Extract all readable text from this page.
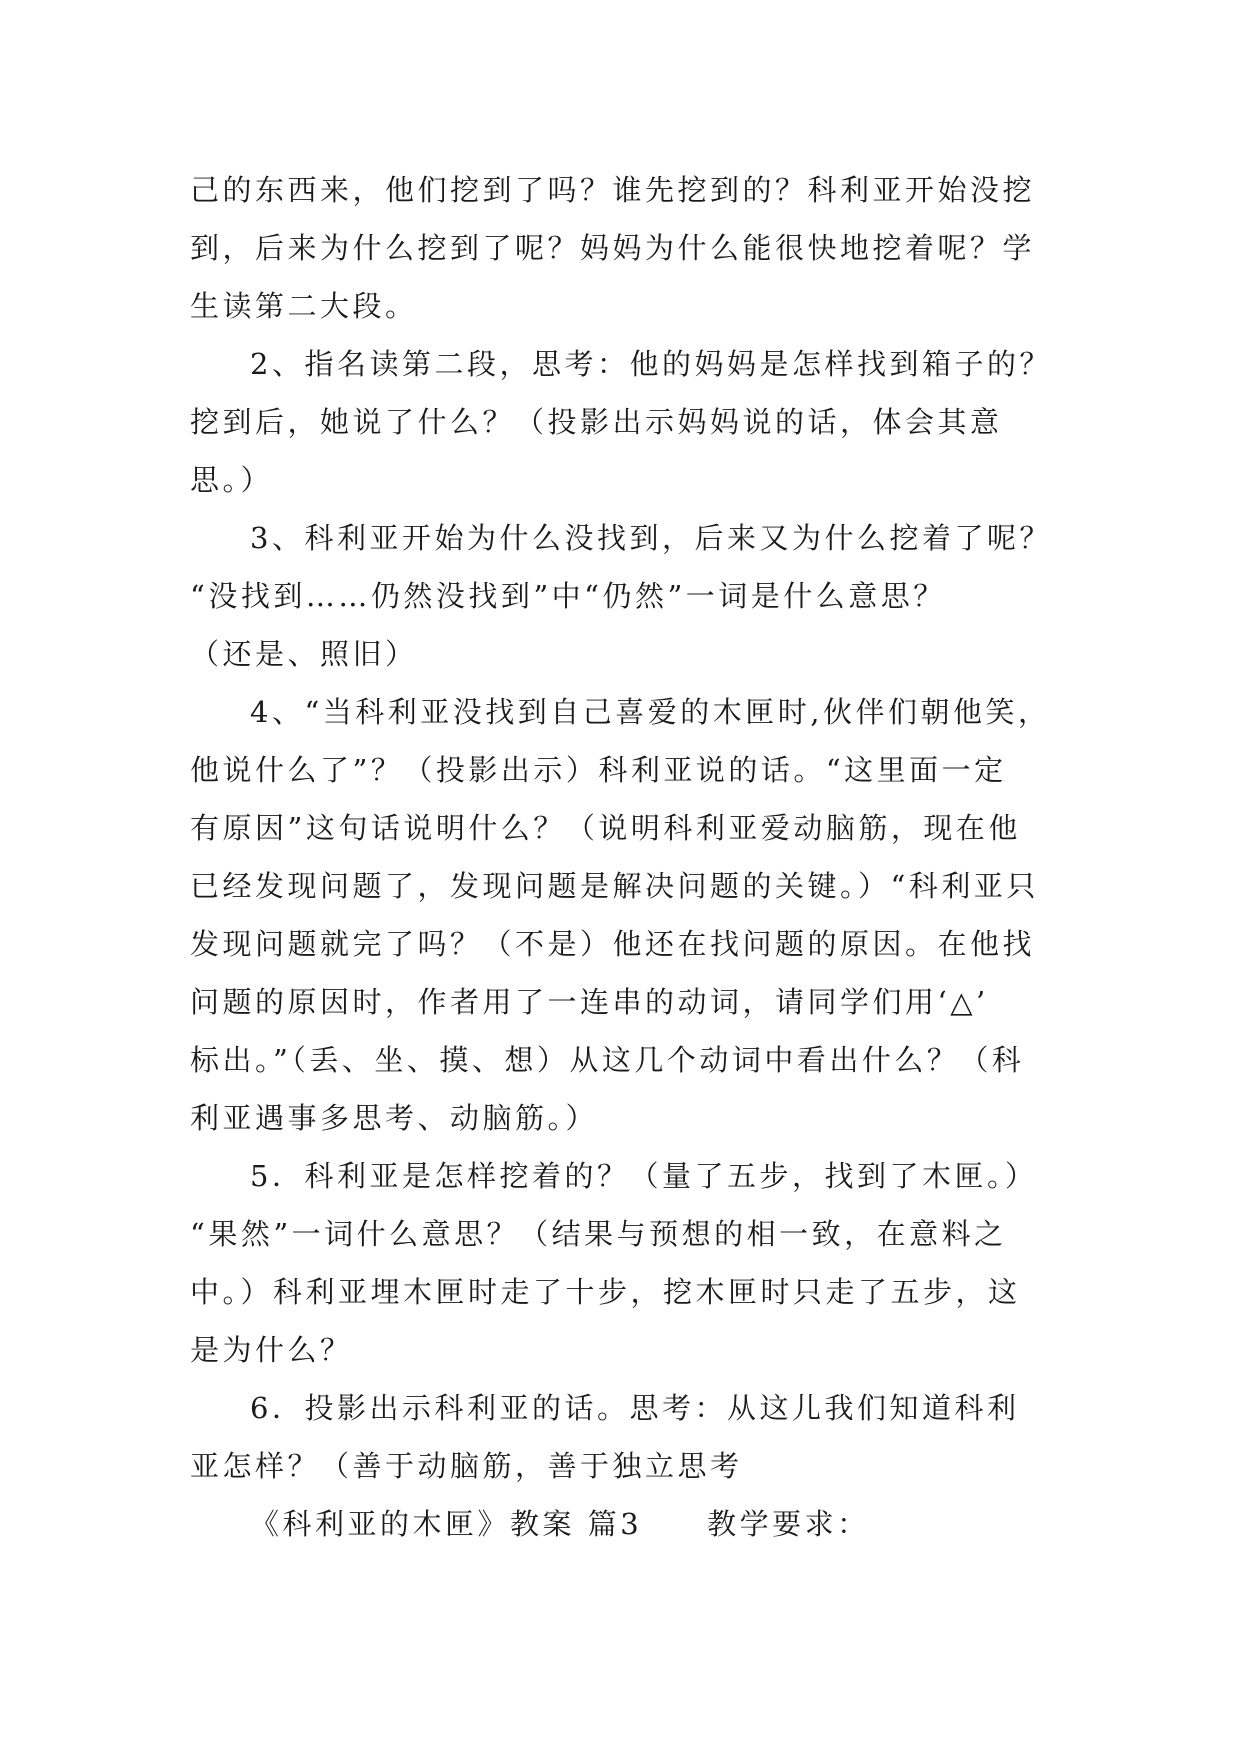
己的东西来，他们挖到了吗？谁先挖到的？科利亚开始没挖
到，后来为什么挖到了呢？妈妈为什么能很快地挖着呢？学
生读第二大段。
2、指名读第二段，思考：他的妈妈是怎样找到箱子的？
挖到后，她说了什么？（投影出示妈妈说的话，体会其意
思。）
3、科利亚开始为什么没找到，后来又为什么挖着了呢？
“没找到……仍然没找到”中“仍然”一词是什么意思？
（还是、照旧）
4、“当科利亚没找到自己喜爱的木匣时,伙伴们朝他笑，
他说什么了”？（投影出示）科利亚说的话。“这里面一定
有原因”这句话说明什么？（说明科利亚爱动脑筋，现在他
已经发现问题了，发现问题是解决问题的关键。）“科利亚只
发现问题就完了吗？（不是）他还在找问题的原因。在他找
问题的原因时，作者用了一连串的动词，请同学们用‘△’
标出。”（丢、坐、摸、想）从这几个动词中看出什么？（科
利亚遇事多思考、动脑筋。）
5．科利亚是怎样挖着的？（量了五步，找到了木匣。）
“果然”一词什么意思？（结果与预想的相一致，在意料之
中。）科利亚埋木匣时走了十步，挖木匣时只走了五步，这
是为什么？
6．投影出示科利亚的话。思考：从这儿我们知道科利
亚怎样？（善于动脑筋，善于独立思考
《科利亚的木匣》教案 篇3　　教学要求：
